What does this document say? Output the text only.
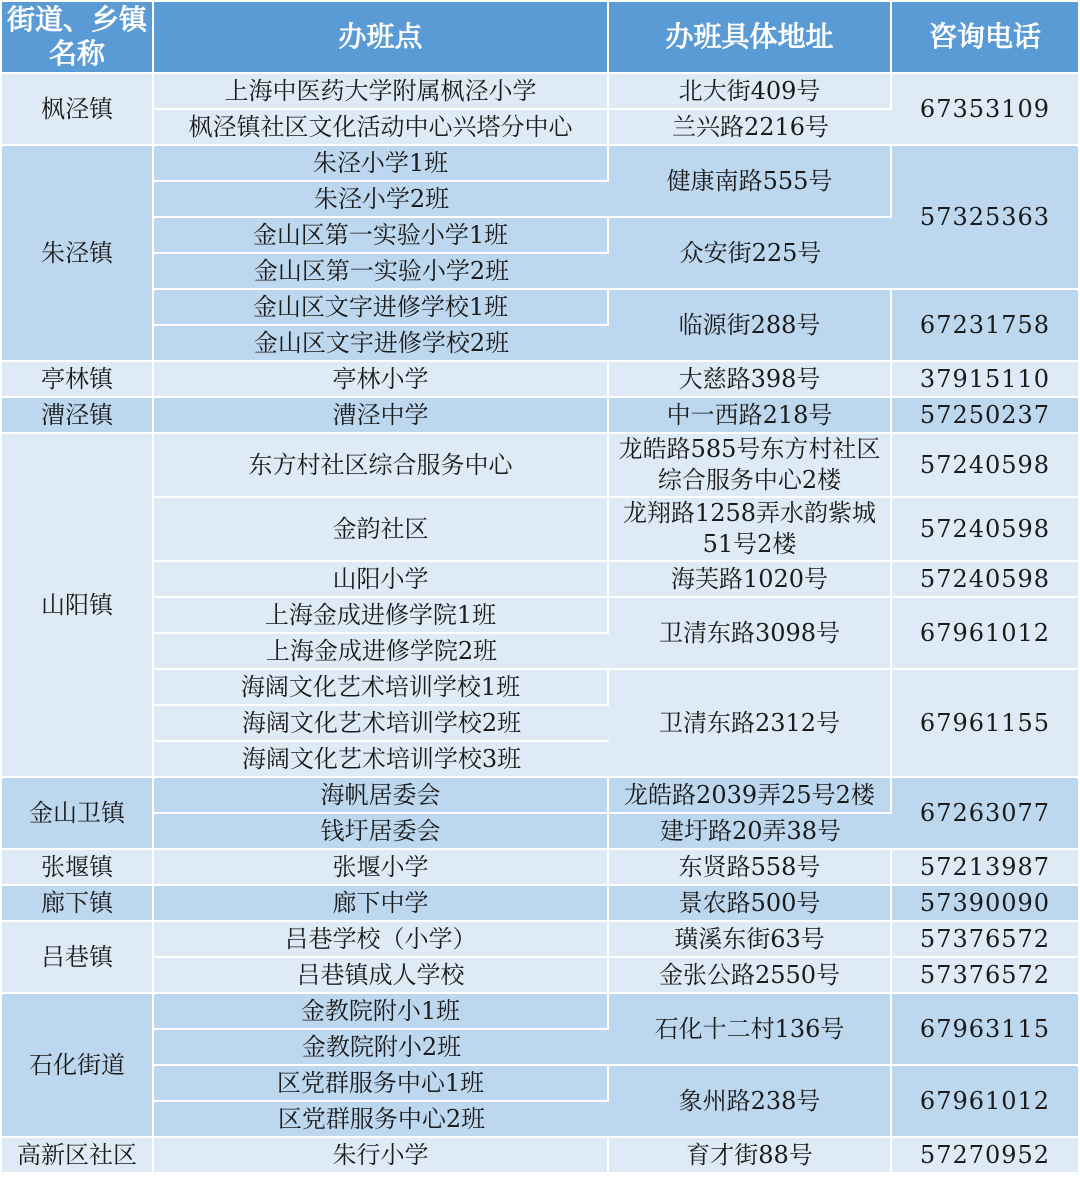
街道、乡镇名称	办班点	办班具体地址	咨询电话
枫泾镇	上海中医药大学附属枫泾小学	北大街409号	67353109
	枫泾镇社区文化活动中心兴塔分中心	兰兴路2216号	
朱泾镇	朱泾小学1班	健康南路555号	57325363
	朱泾小学2班		
	金山区第一实验小学1班	众安街225号	
	金山区第一实验小学2班		
	金山区文字进修学校1班	临源街288号	67231758
	金山区文宇进修学校2班		
亭林镇	亭林小学	大慈路398号	37915110
漕泾镇	漕泾中学	中一西路218号	57250237
山阳镇	东方村社区综合服务中心	龙皓路585号东方村社区综合服务中心2楼	57240598
	金韵社区	龙翔路1258弄水韵紫城51号2楼	57240598
	山阳小学	海芙路1020号	57240598
	上海金成进修学院1班	卫清东路3098号	67961012
	上海金成进修学院2班		
	海阔文化艺术培训学校1班	卫清东路2312号	67961155
	海阔文化艺术培训学校2班		
	海阔文化艺术培训学校3班		
金山卫镇	海帆居委会	龙皓路2039弄25号2楼	67263077
	钱圩居委会	建圩路20弄38号	
张堰镇	张堰小学	东贤路558号	57213987
廊下镇	廊下中学	景农路500号	57390090
吕巷镇	吕巷学校（小学）	璜溪东街63号	57376572
	吕巷镇成人学校	金张公路2550号	57376572
石化街道	金教院附小1班	石化十二村136号	67963115
	金教院附小2班		
	区党群服务中心1班	象州路238号	67961012
	区党群服务中心2班		
高新区社区	朱行小学	育才街88号	57270952
